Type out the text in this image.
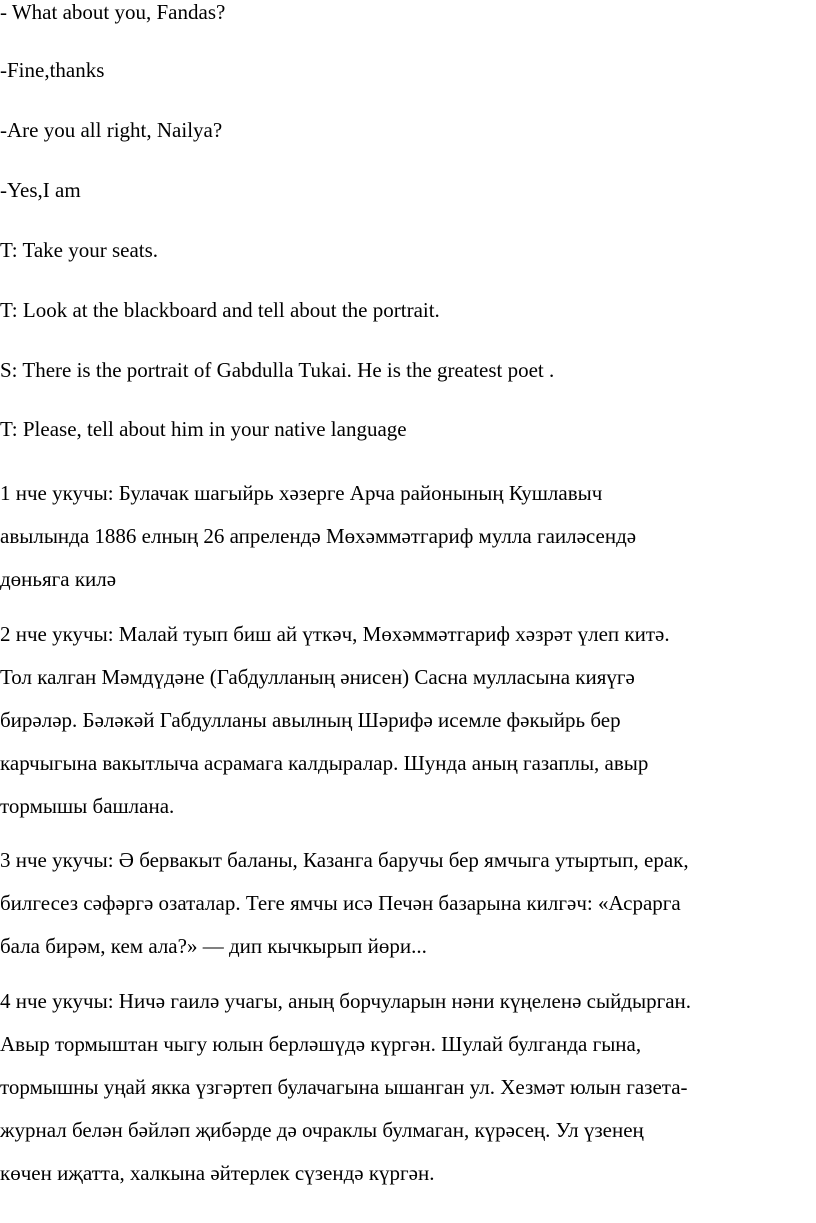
- What about you, Fandas?
-Fine,thanks
-Are you all right, Nailya?
-Yes,I am
T: Take your seats.
T: Look at the blackboard and tell about the portrait.
S: There is the portrait of Gabdulla Tukai. He is the greatest poet .
T: Please, tell about him in your native language
1 нче укучы: Булачак шагыйрь хәзерге Арча районының Кушлавыч
авылында 1886 елның 26 апрелендә Мөхәммәтгариф мулла гаиләсендә
дөньяга килә
2 нче укучы: Малай туып биш ай үткәч, Мөхәммәтгариф хәзрәт үлеп китә.
Тол калган Мәмдүдәне (Габдулланың әнисен) Сасна мулласына кияүгә
бирәләр. Бәләкәй Габдулланы авылның Шәрифә исемле фәкыйрь бер
карчыгына вакытлыча асрамага калдыралар. Шунда аның газаплы, авыр
тормышы башлана.
3 нче укучы: Ә бервакыт баланы, Казанга баручы бер ямчыга утыртып, ерак,
билгесез сәфәргә озаталар. Теге ямчы исә Печән базарына килгәч: «Асрарга
бала бирәм, кем ала?» — дип кычкырып йөри...
4 нче укучы: Ничә гаилә учагы, аның борчуларын нәни күңеленә сыйдырган.
Авыр тормыштан чыгу юлын берләшүдә күргән. Шулай булганда гына,
тормышны уңай якка үзгәртеп булачагына ышанган ул. Хезмәт юлын газета-
журнал белән бәйләп җибәрде дә очраклы булмаган, күрәсең. Ул үзенең
көчен иҗатта, халкына әйтерлек сүзендә күргән.
